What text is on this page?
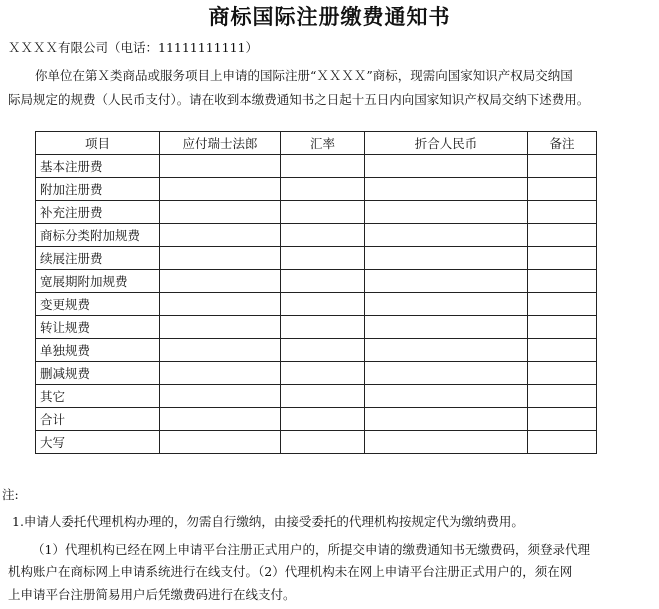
商标国际注册缴费通知书
ＸＸＸＸ有限公司（电话：11111111111）
你单位在第Ｘ类商品或服务项目上申请的国际注册“ＸＸＸＸ”商标，现需向国家知识产权局交纳国
际局规定的规费（人民币支付）。请在收到本缴费通知书之日起十五日内向国家知识产权局交纳下述费用。
项目	应付瑞士法郎	汇率	折合人民币	备注
基本注册费				
附加注册费				
补充注册费				
商标分类附加规费				
续展注册费				
宽展期附加规费				
变更规费				
转让规费				
单独规费				
删减规费				
其它				
合计				
大写				
注:
1.申请人委托代理机构办理的，勿需自行缴纳，由接受委托的代理机构按规定代为缴纳费用。
（1）代理机构已经在网上申请平台注册正式用户的，所提交申请的缴费通知书无缴费码，须登录代理
机构账户在商标网上申请系统进行在线支付。（2）代理机构未在网上申请平台注册正式用户的，须在网
上申请平台注册简易用户后凭缴费码进行在线支付。
